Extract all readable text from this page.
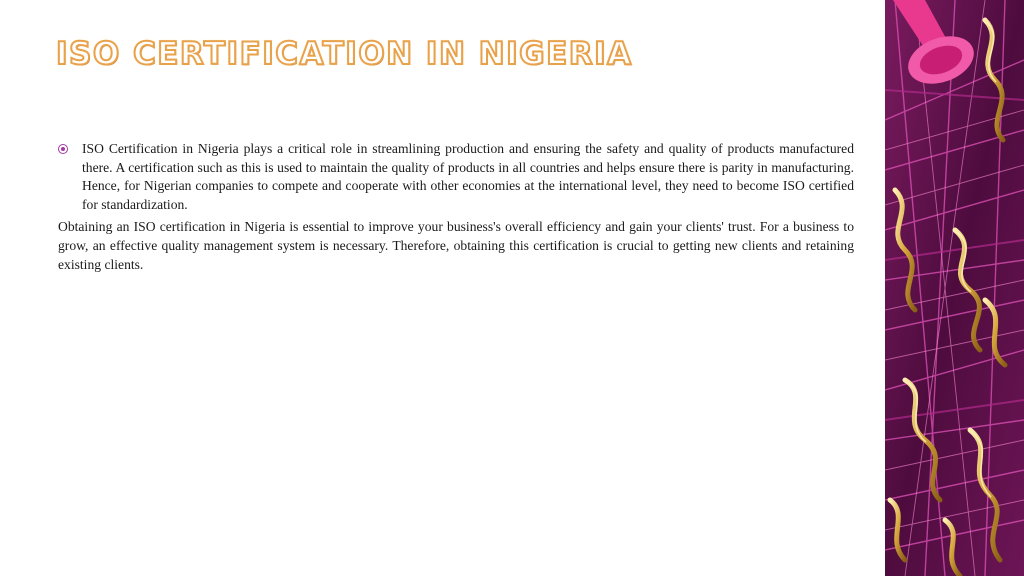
ISO CERTIFICATION IN NIGERIA
ISO Certification in Nigeria plays a critical role in streamlining production and ensuring the safety and quality of products manufactured there. A certification such as this is used to maintain the quality of products in all countries and helps ensure there is parity in manufacturing. Hence, for Nigerian companies to compete and cooperate with other economies at the international level, they need to become ISO certified for standardization.

Obtaining an ISO certification in Nigeria is essential to improve your business's overall efficiency and gain your clients' trust. For a business to grow, an effective quality management system is necessary. Therefore, obtaining this certification is crucial to getting new clients and retaining existing clients.
